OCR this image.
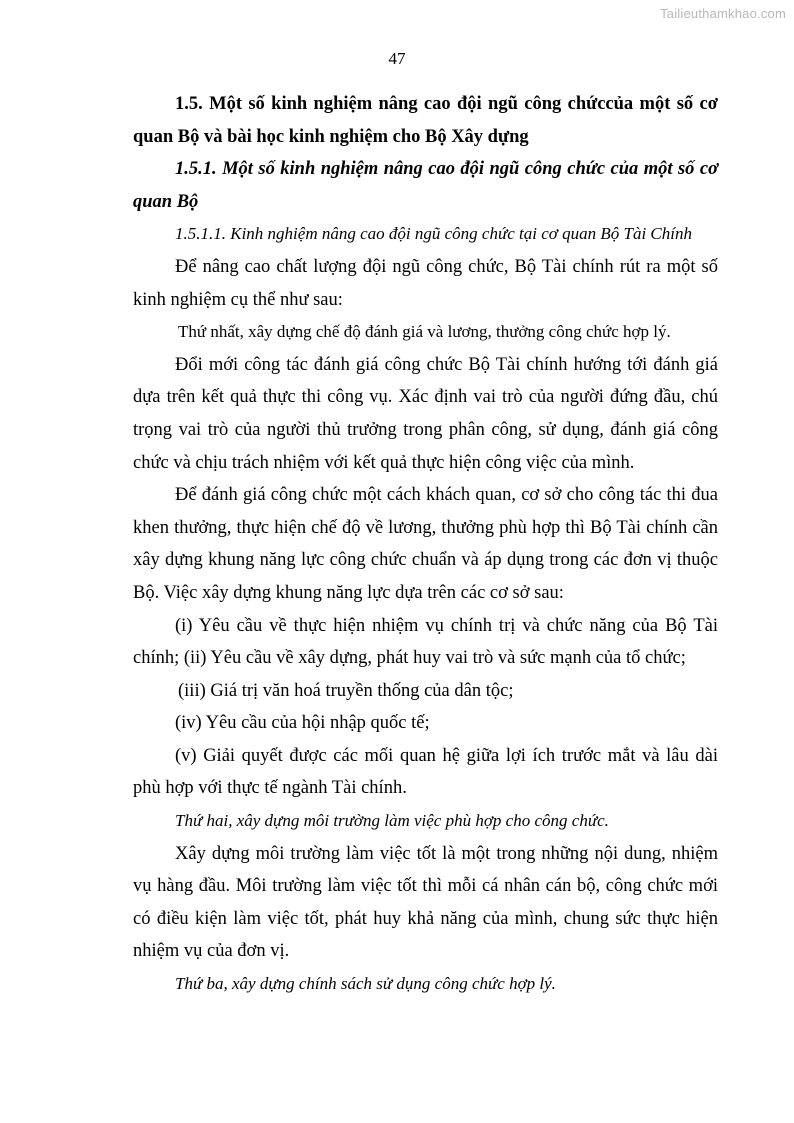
Tailieuthamkhao.com
47

1.5. Một số kinh nghiệm nâng cao đội ngũ công chứccủa một số cơ quan Bộ và bài học kinh nghiệm cho Bộ Xây dựng

1.5.1. Một số kinh nghiệm nâng cao đội ngũ công chức của một số cơ quan Bộ

1.5.1.1. Kinh nghiệm nâng cao đội ngũ công chức tại cơ quan Bộ Tài Chính

Để nâng cao chất lượng đội ngũ công chức, Bộ Tài chính rút ra một số kinh nghiệm cụ thể như sau:

Thứ nhất, xây dựng chế độ đánh giá và lương, thưởng công chức hợp lý.

Đổi mới công tác đánh giá công chức Bộ Tài chính hướng tới đánh giá dựa trên kết quả thực thi công vụ. Xác định vai trò của người đứng đầu, chú trọng vai trò của người thủ trưởng trong phân công, sử dụng, đánh giá công chức và chịu trách nhiệm với kết quả thực hiện công việc của mình.

Để đánh giá công chức một cách khách quan, cơ sở cho công tác thi đua khen thưởng, thực hiện chế độ về lương, thưởng phù hợp thì Bộ Tài chính cần xây dựng khung năng lực công chức chuẩn và áp dụng trong các đơn vị thuộc Bộ. Việc xây dựng khung năng lực dựa trên các cơ sở sau:

(i) Yêu cầu về thực hiện nhiệm vụ chính trị và chức năng của Bộ Tài chính; (ii) Yêu cầu về xây dựng, phát huy vai trò và sức mạnh của tổ chức;

(iii) Giá trị văn hoá truyền thống của dân tộc;

(iv) Yêu cầu của hội nhập quốc tế;

(v) Giải quyết được các mối quan hệ giữa lợi ích trước mắt và lâu dài phù hợp với thực tế ngành Tài chính.

Thứ hai, xây dựng môi trường làm việc phù hợp cho công chức.

Xây dựng môi trường làm việc tốt là một trong những nội dung, nhiệm vụ hàng đầu. Môi trường làm việc tốt thì mỗi cá nhân cán bộ, công chức mới có điều kiện làm việc tốt, phát huy khả năng của mình, chung sức thực hiện nhiệm vụ của đơn vị.

Thứ ba, xây dựng chính sách sử dụng công chức hợp lý.
